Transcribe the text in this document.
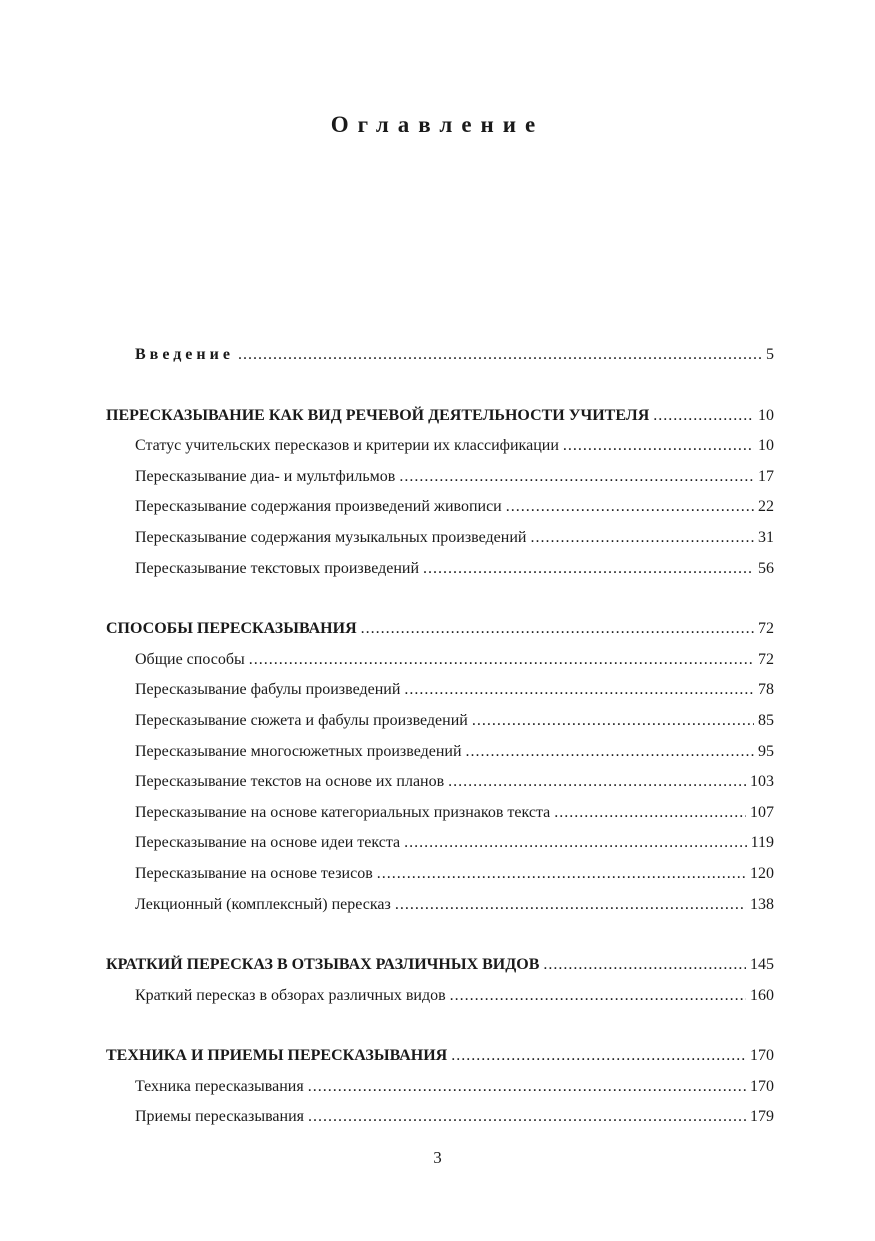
Оглавление
Введение .....	5
ПЕРЕСКАЗЫВАНИЕ КАК ВИД РЕЧЕВОЙ ДЕЯТЕЛЬНОСТИ УЧИТЕЛЯ .....	10
Статус учительских пересказов и критерии их классификации .....	10
Пересказывание диа- и мультфильмов .....	17
Пересказывание содержания произведений живописи .....	22
Пересказывание содержания музыкальных произведений .....	31
Пересказывание текстовых произведений .....	56
СПОСОБЫ ПЕРЕСКАЗЫВАНИЯ .....	72
Общие способы .....	72
Пересказывание фабулы произведений .....	78
Пересказывание сюжета и фабулы произведений .....	85
Пересказывание многосюжетных произведений .....	95
Пересказывание текстов на основе их планов .....	103
Пересказывание на основе категориальных признаков текста .....	107
Пересказывание на основе идеи текста .....	119
Пересказывание на основе тезисов .....	120
Лекционный (комплексный) пересказ .....	138
КРАТКИЙ ПЕРЕСКАЗ В ОТЗЫВАХ РАЗЛИЧНЫХ ВИДОВ .....	145
Краткий пересказ в обзорах различных видов .....	160
ТЕХНИКА И ПРИЕМЫ ПЕРЕСКАЗЫВАНИЯ .....	170
Техника пересказывания .....	170
Приемы пересказывания .....	179
3
